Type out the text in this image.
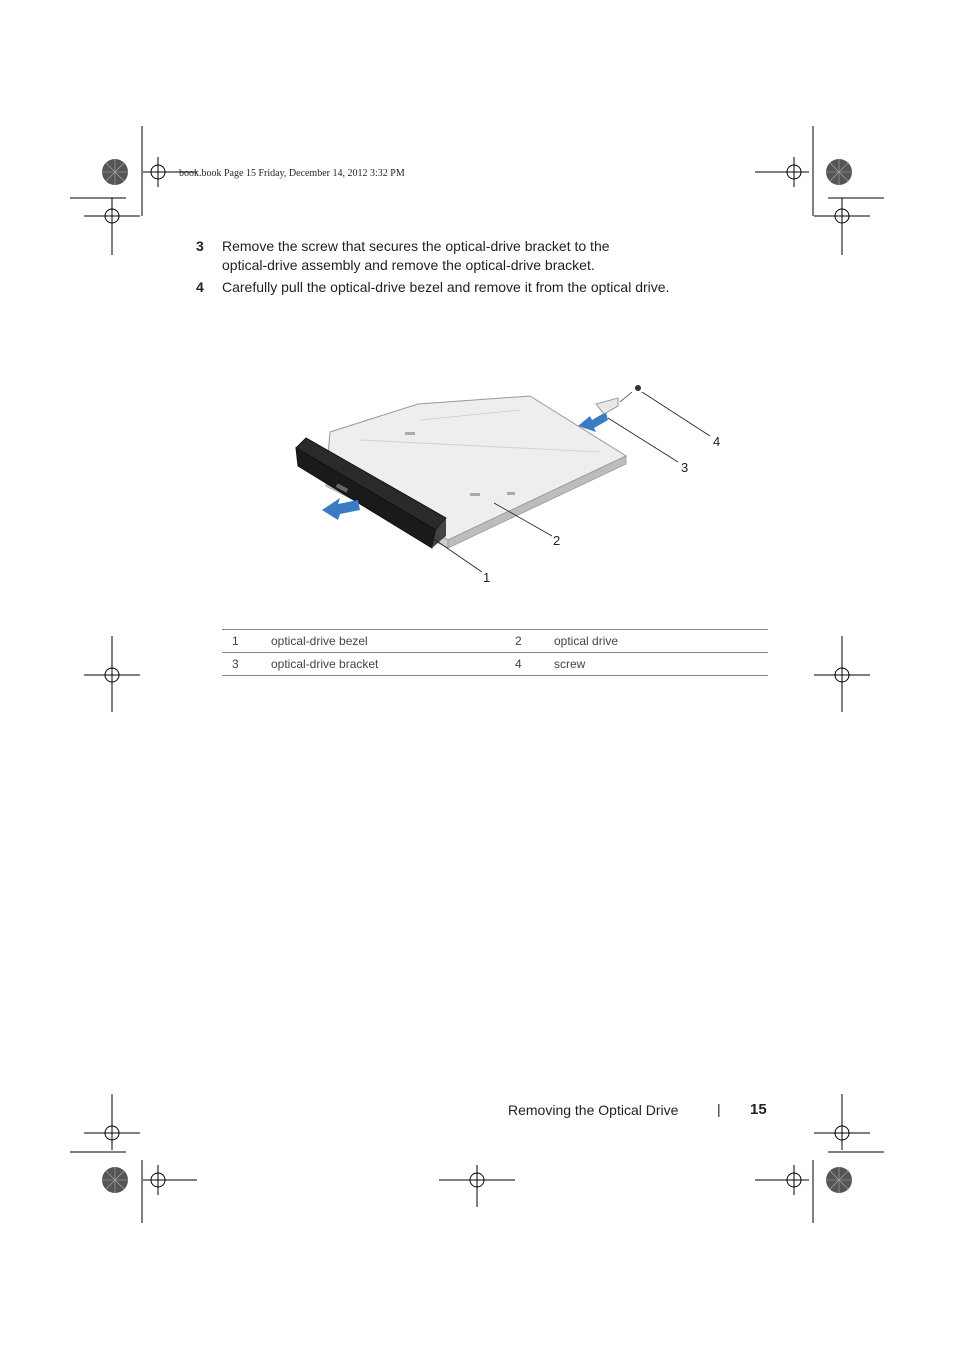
book.book Page 15 Friday, December 14, 2012 3:32 PM
3 Remove the screw that secures the optical-drive bracket to the
optical-drive assembly and remove the optical-drive bracket.
4 Carefully pull the optical-drive bezel and remove it from the optical drive.
1
2
3
4
1	optical-drive bezel	2	optical drive
3	optical-drive bracket	4	screw
Removing the Optical Drive	| 15
